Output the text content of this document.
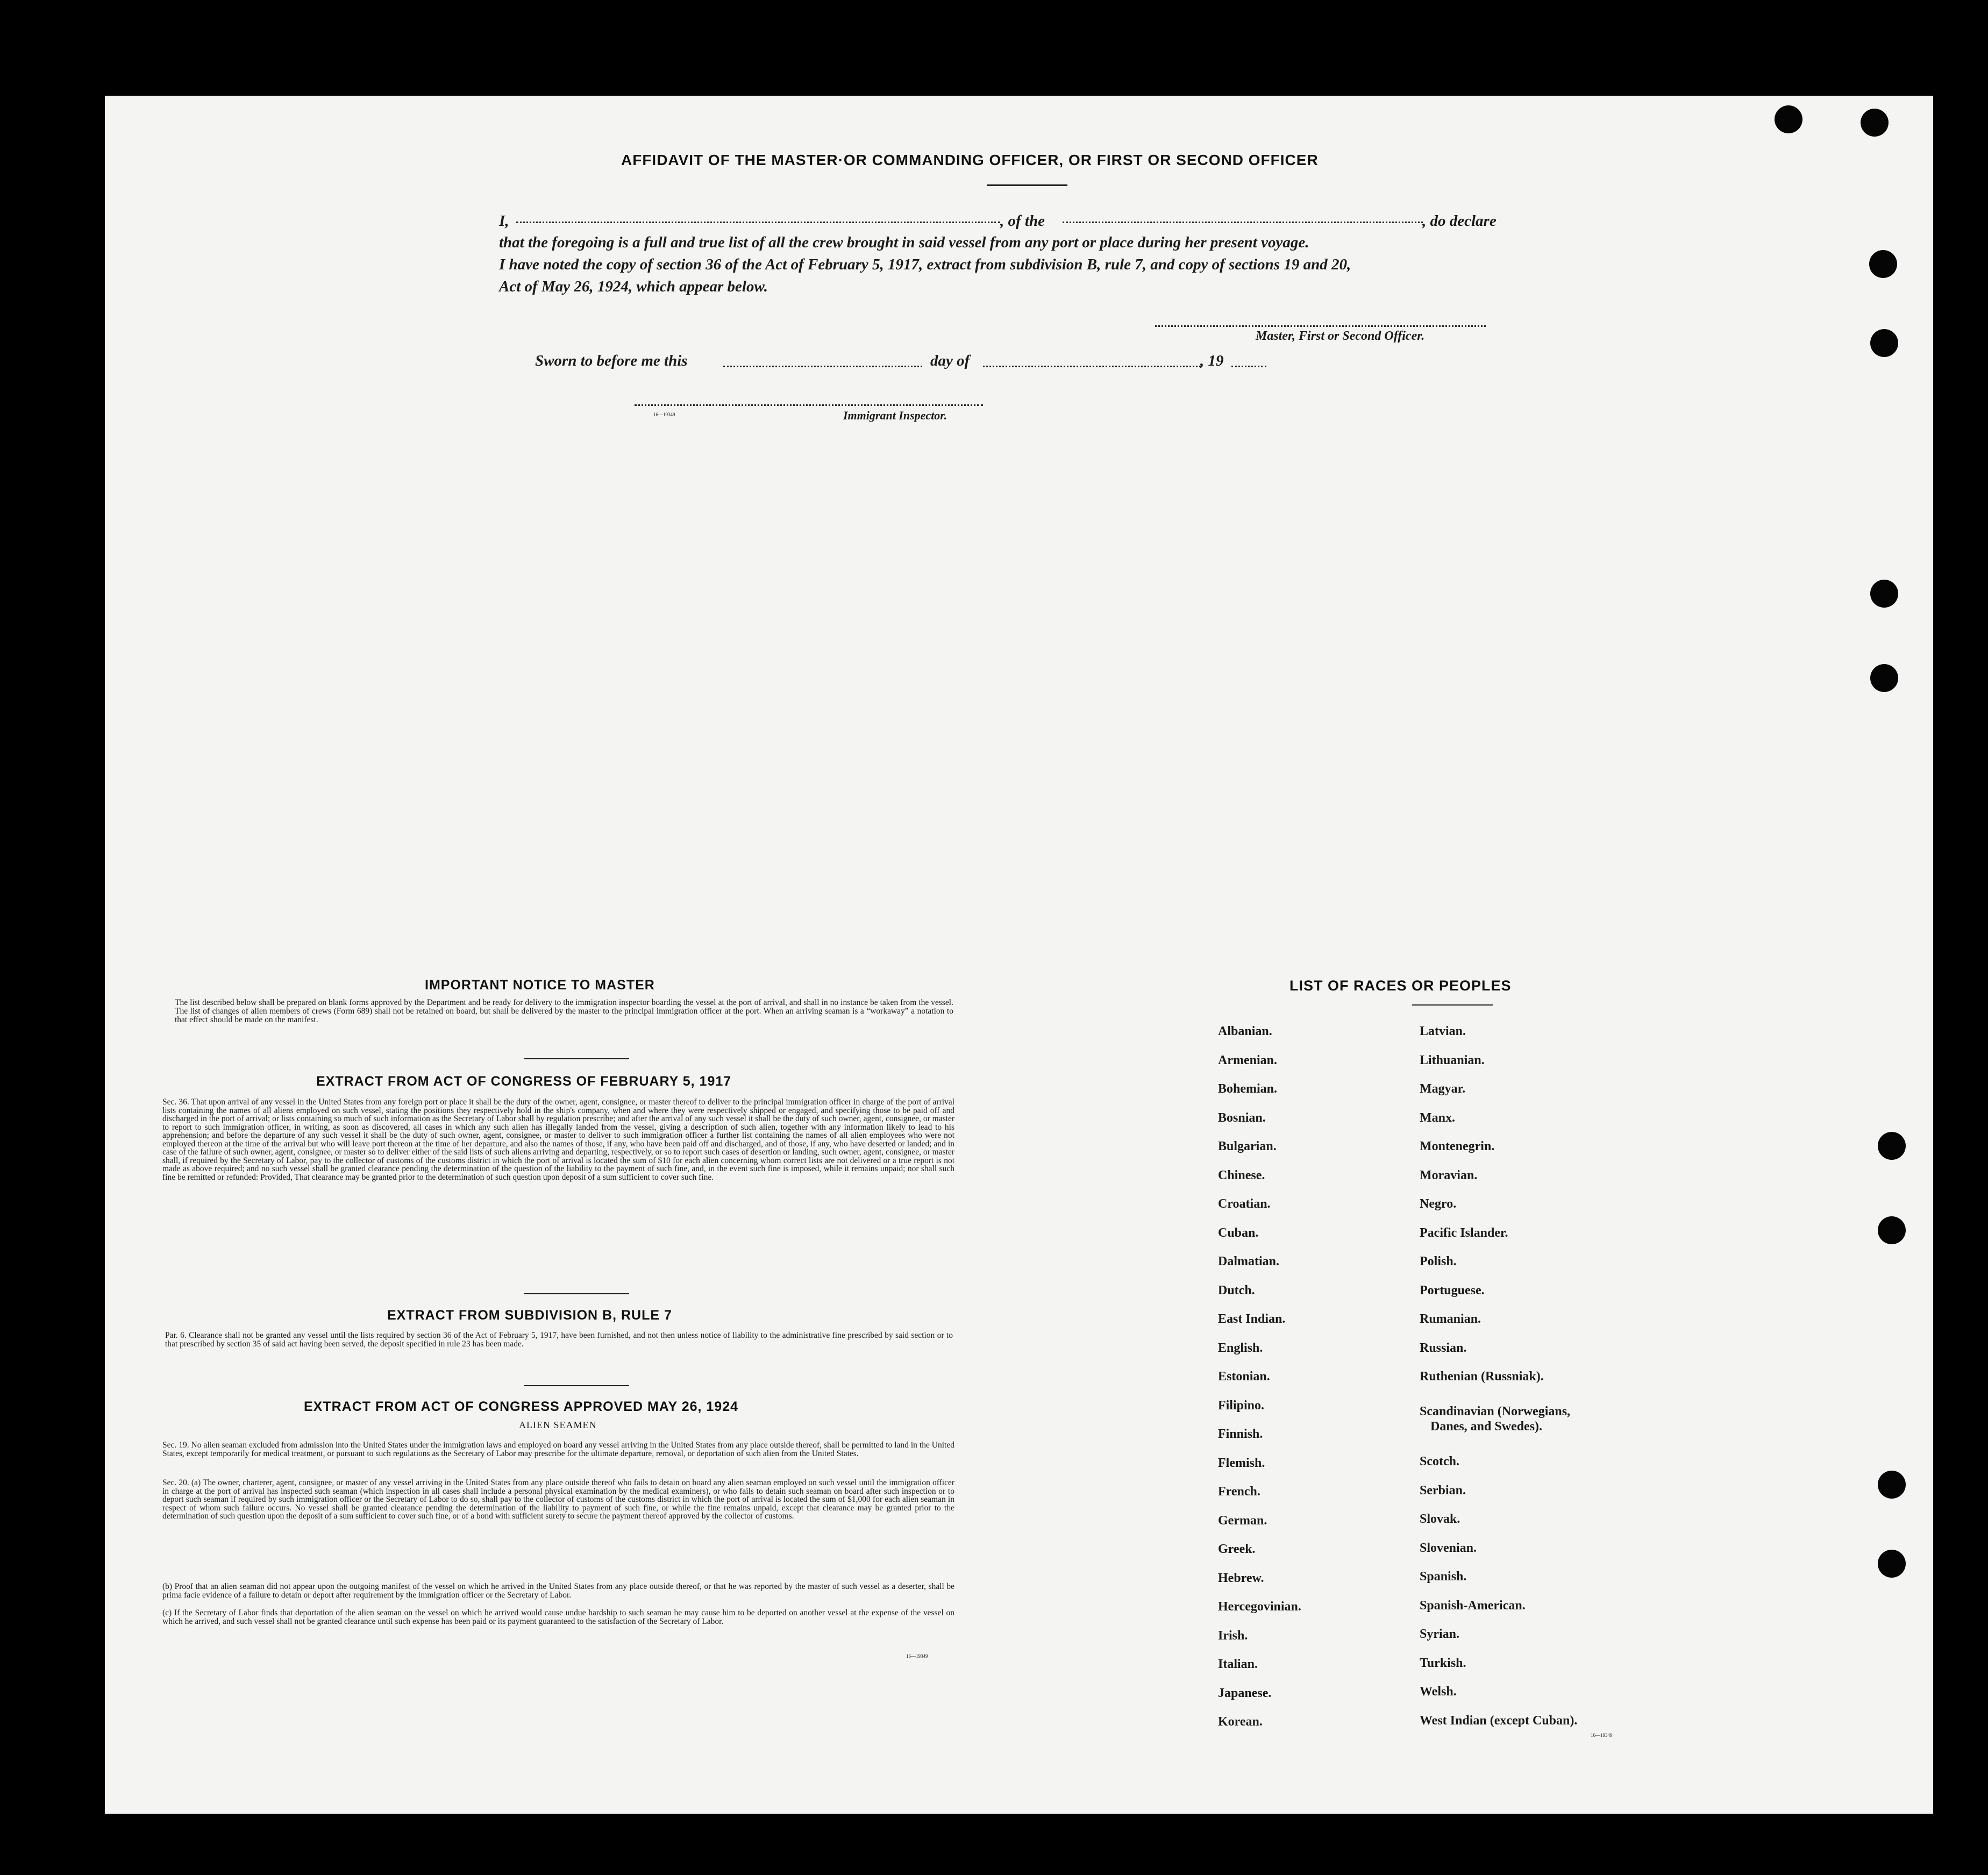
AFFIDAVIT OF THE MASTER·OR COMMANDING OFFICER, OR FIRST OR SECOND OFFICER
I,	, of the	, do declare
that the foregoing is a full and true list of all the crew brought in said vessel from any port or place during her present voyage.
I have noted the copy of section 36 of the Act of February 5, 1917, extract from subdivision B, rule 7, and copy of sections 19 and 20,
Act of May 26, 1924, which appear below.
Master, First or Second Officer.
Sworn to before me this	day of	, 19
16—19349	Immigrant Inspector.
IMPORTANT NOTICE TO MASTER

The list described below shall be prepared on blank forms approved by the Department and be ready for delivery to the immigration inspector boarding the vessel at the port of arrival, and shall in no instance be taken from the vessel. The list of changes of alien members of crews (Form 689) shall not be retained on board, but shall be delivered by the master to the principal immigration officer at the port. When an arriving seaman is a “workaway” a notation to that effect should be made on the manifest.

EXTRACT FROM ACT OF CONGRESS OF FEBRUARY 5, 1917

Sec. 36. That upon arrival of any vessel in the United States from any foreign port or place it shall be the duty of the owner, agent, consignee, or master thereof to deliver to the principal immigration officer in charge of the port of arrival lists containing the names of all aliens employed on such vessel, stating the positions they respectively hold in the ship's company, when and where they were respectively shipped or engaged, and specifying those to be paid off and discharged in the port of arrival; or lists containing so much of such information as the Secretary of Labor shall by regulation prescribe; and after the arrival of any such vessel it shall be the duty of such owner, agent, consignee, or master to report to such immigration officer, in writing, as soon as discovered, all cases in which any such alien has illegally landed from the vessel, giving a description of such alien, together with any information likely to lead to his apprehension; and before the departure of any such vessel it shall be the duty of such owner, agent, consignee, or master to deliver to such immigration officer a further list containing the names of all alien employees who were not employed thereon at the time of the arrival but who will leave port thereon at the time of her departure, and also the names of those, if any, who have been paid off and discharged, and of those, if any, who have deserted or landed; and in case of the failure of such owner, agent, consignee, or master so to deliver either of the said lists of such aliens arriving and departing, respectively, or so to report such cases of desertion or landing, such owner, agent, consignee, or master shall, if required by the Secretary of Labor, pay to the collector of customs of the customs district in which the port of arrival is located the sum of $10 for each alien concerning whom correct lists are not delivered or a true report is not made as above required; and no such vessel shall be granted clearance pending the determination of the question of the liability to the payment of such fine, and, in the event such fine is imposed, while it remains unpaid; nor shall such fine be remitted or refunded: Provided, That clearance may be granted prior to the determination of such question upon deposit of a sum sufficient to cover such fine.

EXTRACT FROM SUBDIVISION B, RULE 7

Par. 6. Clearance shall not be granted any vessel until the lists required by section 36 of the Act of February 5, 1917, have been furnished, and not then unless notice of liability to the administrative fine prescribed by said section or to that prescribed by section 35 of said act having been served, the deposit specified in rule 23 has been made.

EXTRACT FROM ACT OF CONGRESS APPROVED MAY 26, 1924
ALIEN SEAMEN

Sec. 19. No alien seaman excluded from admission into the United States under the immigration laws and employed on board any vessel arriving in the United States from any place outside thereof, shall be permitted to land in the United States, except temporarily for medical treatment, or pursuant to such regulations as the Secretary of Labor may prescribe for the ultimate departure, removal, or deportation of such alien from the United States.

Sec. 20. (a) The owner, charterer, agent, consignee, or master of any vessel arriving in the United States from any place outside thereof who fails to detain on board any alien seaman employed on such vessel until the immigration officer in charge at the port of arrival has inspected such seaman (which inspection in all cases shall include a personal physical examination by the medical examiners), or who fails to detain such seaman on board after such inspection or to deport such seaman if required by such immigration officer or the Secretary of Labor to do so, shall pay to the collector of customs of the customs district in which the port of arrival is located the sum of $1,000 for each alien seaman in respect of whom such failure occurs. No vessel shall be granted clearance pending the determination of the liability to payment of such fine, or while the fine remains unpaid, except that clearance may be granted prior to the determination of such question upon the deposit of a sum sufficient to cover such fine, or of a bond with sufficient surety to secure the payment thereof approved by the collector of customs.

(b) Proof that an alien seaman did not appear upon the outgoing manifest of the vessel on which he arrived in the United States from any place outside thereof, or that he was reported by the master of such vessel as a deserter, shall be prima facie evidence of a failure to detain or deport after requirement by the immigration officer or the Secretary of Labor.

(c) If the Secretary of Labor finds that deportation of the alien seaman on the vessel on which he arrived would cause undue hardship to such seaman he may cause him to be deported on another vessel at the expense of the vessel on which he arrived, and such vessel shall not be granted clearance until such expense has been paid or its payment guaranteed to the satisfaction of the Secretary of Labor.

16—19349
LIST OF RACES OR PEOPLES
Albanian.
Armenian.
Bohemian.
Bosnian.
Bulgarian.
Chinese.
Croatian.
Cuban.
Dalmatian.
Dutch.
East Indian.
English.
Estonian.
Filipino.
Finnish.
Flemish.
French.
German.
Greek.
Hebrew.
Hercegovinian.
Irish.
Italian.
Japanese.
Korean.
Latvian.
Lithuanian.
Magyar.
Manx.
Montenegrin.
Moravian.
Negro.
Pacific Islander.
Polish.
Portuguese.
Rumanian.
Russian.
Ruthenian (Russniak).
Scandinavian (Norwegians,
Danes, and Swedes).
Scotch.
Serbian.
Slovak.
Slovenian.
Spanish.
Spanish-American.
Syrian.
Turkish.
Welsh.
West Indian (except Cuban).
16—19349
